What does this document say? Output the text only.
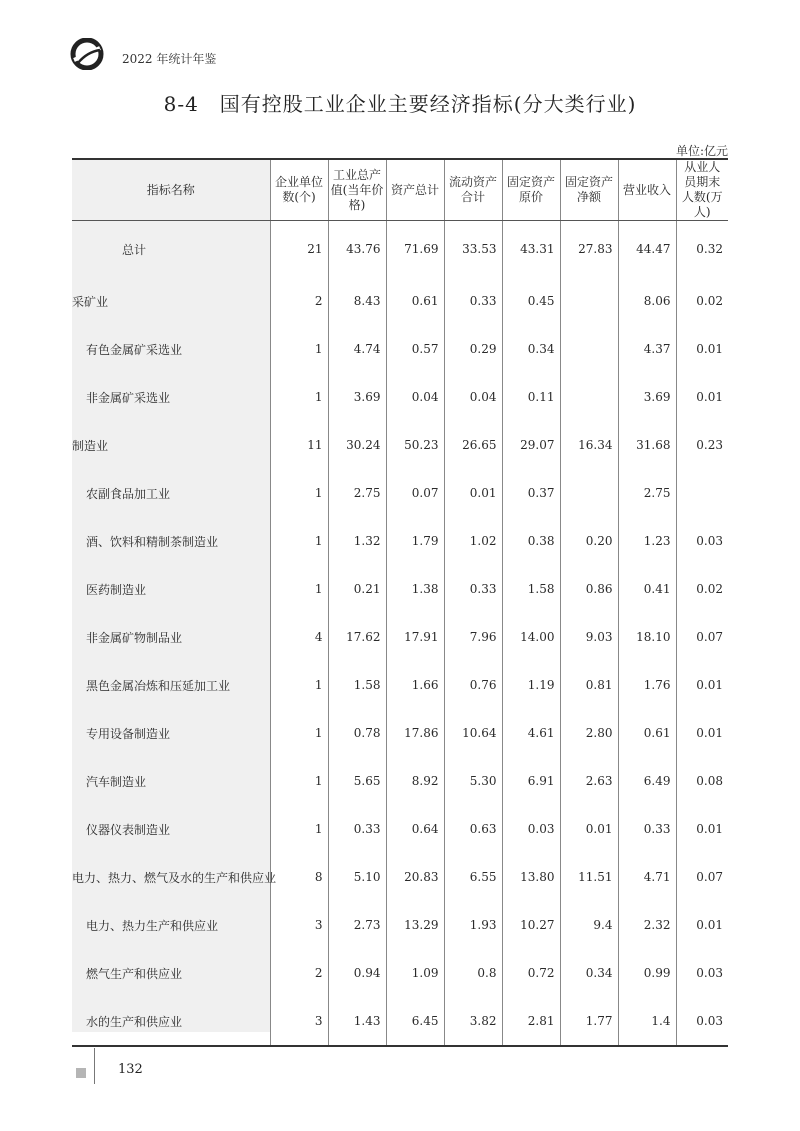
2022 年统计年鉴
8-4　国有控股工业企业主要经济指标(分大类行业)
单位:亿元
指标名称	企业单位数(个)	工业总产值(当年价格)	资产总计	流动资产合计	固定资产原价	固定资产净额	营业收入	从业人员期末人数(万人)
总计	21	43.76	71.69	33.53	43.31	27.83	44.47	0.32
采矿业	2	8.43	0.61	0.33	0.45		8.06	0.02
有色金属矿采选业	1	4.74	0.57	0.29	0.34		4.37	0.01
非金属矿采选业	1	3.69	0.04	0.04	0.11		3.69	0.01
制造业	11	30.24	50.23	26.65	29.07	16.34	31.68	0.23
农副食品加工业	1	2.75	0.07	0.01	0.37		2.75	
酒、饮料和精制茶制造业	1	1.32	1.79	1.02	0.38	0.20	1.23	0.03
医药制造业	1	0.21	1.38	0.33	1.58	0.86	0.41	0.02
非金属矿物制品业	4	17.62	17.91	7.96	14.00	9.03	18.10	0.07
黑色金属冶炼和压延加工业	1	1.58	1.66	0.76	1.19	0.81	1.76	0.01
专用设备制造业	1	0.78	17.86	10.64	4.61	2.80	0.61	0.01
汽车制造业	1	5.65	8.92	5.30	6.91	2.63	6.49	0.08
仪器仪表制造业	1	0.33	0.64	0.63	0.03	0.01	0.33	0.01
电力、热力、燃气及水的生产和供应业	8	5.10	20.83	6.55	13.80	11.51	4.71	0.07
电力、热力生产和供应业	3	2.73	13.29	1.93	10.27	9.4	2.32	0.01
燃气生产和供应业	2	0.94	1.09	0.8	0.72	0.34	0.99	0.03
水的生产和供应业	3	1.43	6.45	3.82	2.81	1.77	1.4	0.03
132
